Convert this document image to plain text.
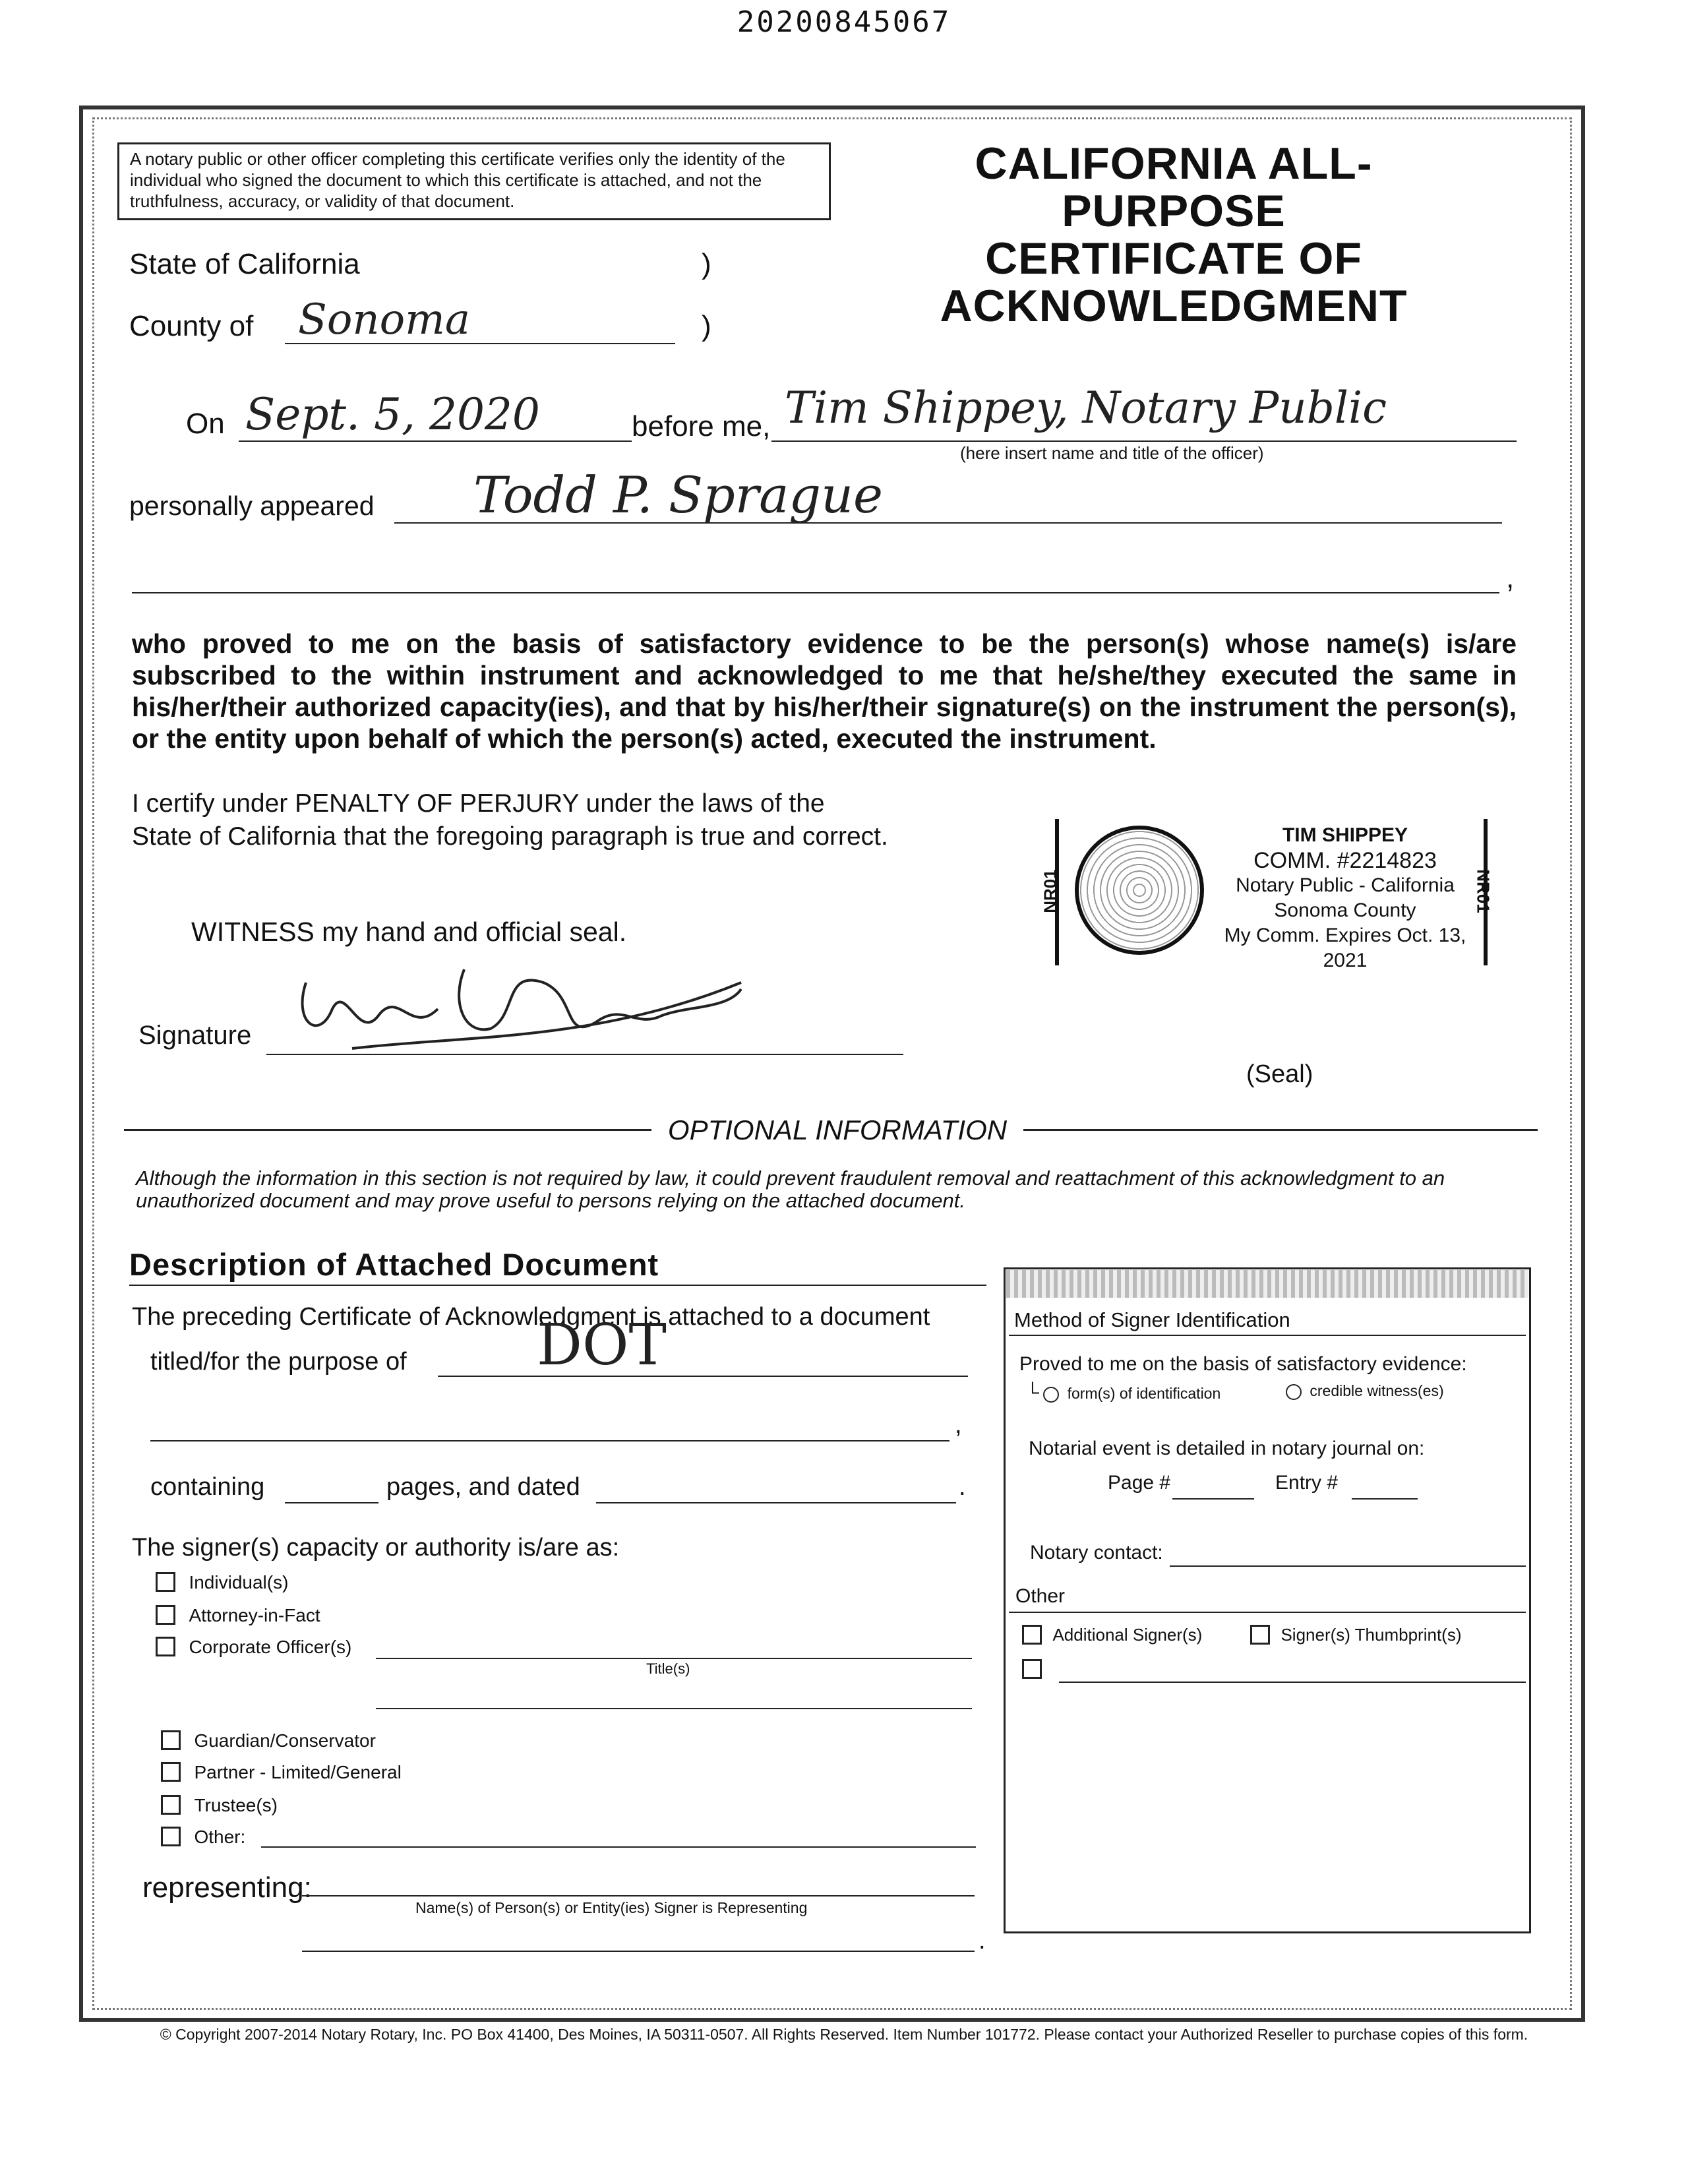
20200845067
A notary public or other officer completing this certificate verifies only the identity of the individual who signed the document to which this certificate is attached, and not the truthfulness, accuracy, or validity of that document.
CALIFORNIA ALL-PURPOSE
CERTIFICATE OF
ACKNOWLEDGMENT
State of California	)
County of Sonoma	)
On Sept. 5, 2020	before me, Tim Shippey, Notary Public
(here insert name and title of the officer)
personally appeared Todd P. Sprague
,
who proved to me on the basis of satisfactory evidence to be the person(s) whose name(s) is/are subscribed to the within instrument and acknowledged to me that he/she/they executed the same in his/her/their authorized capacity(ies), and that by his/her/their signature(s) on the instrument the person(s), or the entity upon behalf of which the person(s) acted, executed the instrument.
I certify under PENALTY OF PERJURY under the laws of the
State of California that the foregoing paragraph is true and correct.
NR01	NR01
TIM SHIPPEY
COMM. #2214823
Notary Public - California
Sonoma County
My Comm. Expires Oct. 13, 2021
WITNESS my hand and official seal.
Signature
(Seal)
OPTIONAL INFORMATION
Although the information in this section is not required by law, it could prevent fraudulent removal and reattachment of this acknowledgment to an unauthorized document and may prove useful to persons relying on the attached document.
Description of Attached Document
The preceding Certificate of Acknowledgment is attached to a document
titled/for the purpose of DOT
,
containing	pages, and dated	.
The signer(s) capacity or authority is/are as:
Individual(s)
Attorney-in-Fact
Corporate Officer(s)
Title(s)
Guardian/Conservator
Partner - Limited/General
Trustee(s)
Other:
representing:
Name(s) of Person(s) or Entity(ies) Signer is Representing
.
Method of Signer Identification
Proved to me on the basis of satisfactory evidence:
└ form(s) of identification	credible witness(es)
Notarial event is detailed in notary journal on:
Page #	Entry #
Notary contact:
Other
Additional Signer(s)	Signer(s) Thumbprint(s)
© Copyright 2007-2014 Notary Rotary, Inc. PO Box 41400, Des Moines, IA 50311-0507. All Rights Reserved. Item Number 101772. Please contact your Authorized Reseller to purchase copies of this form.
